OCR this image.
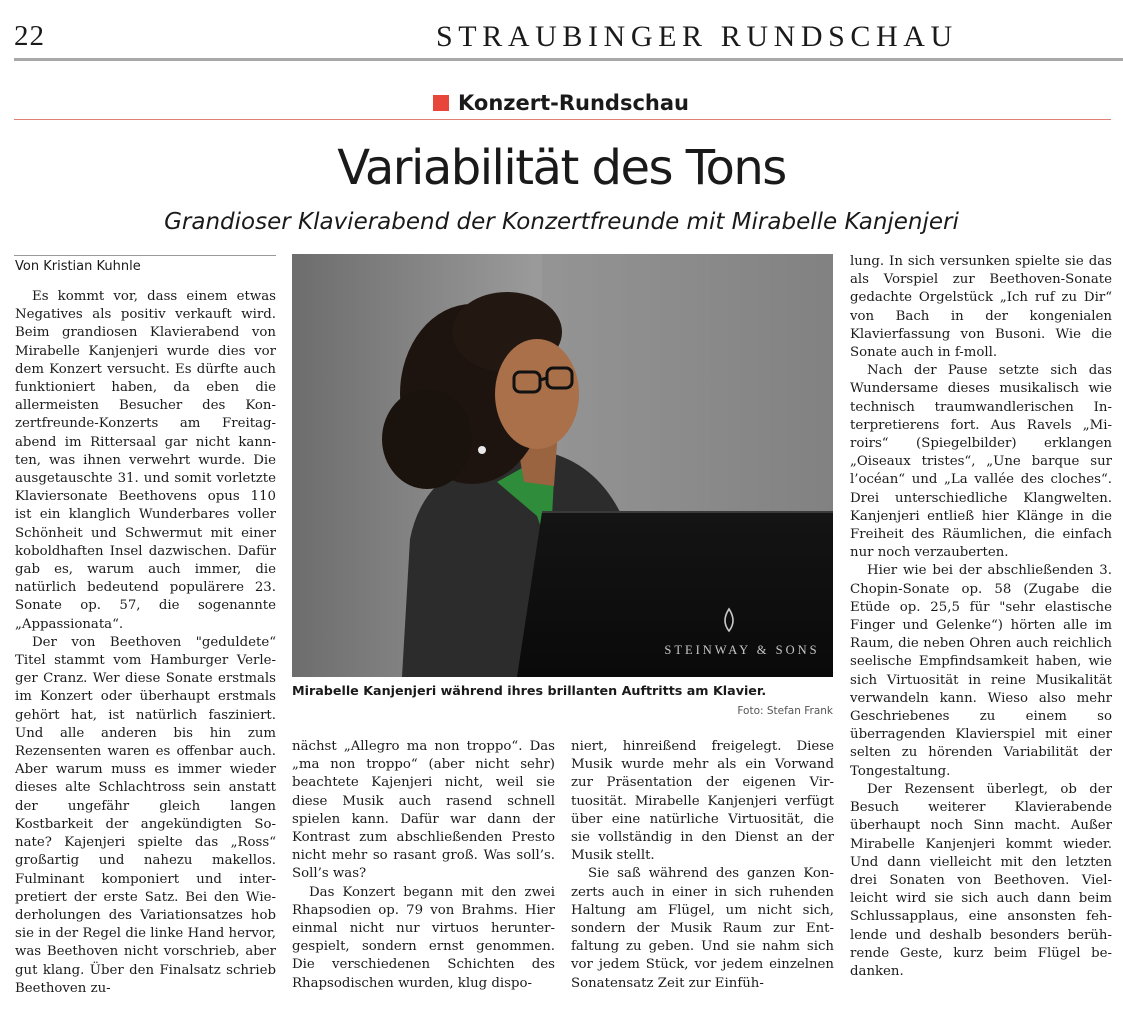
22	STRAUBINGER RUNDSCHAU
Konzert-Rundschau
Variabilität des Tons
Grandioser Klavierabend der Konzertfreunde mit Mirabelle Kanjenjeri
Von Kristian Kuhnle

Es kommt vor, dass einem etwas Negatives als positiv verkauft wird. Beim grandiosen Klavierabend von Mirabelle Kanjenjeri wurde dies vor dem Konzert versucht. Es dürfte auch funktioniert haben, da eben die allermeisten Besucher des Konzertfreunde-Konzerts am Freitagabend im Rittersaal gar nicht kannten, was ihnen verwehrt wurde. Die ausgetauschte 31. und somit vorletzte Klaviersonate Beethovens opus 110 ist ein klanglich Wunderbares voller Schönheit und Schwermut mit einer koboldhaften Insel dazwischen. Dafür gab es, warum auch immer, die natürlich bedeutend populärere 23. Sonate op. 57, die sogenannte „Appassionata“.

Der von Beethoven "geduldete“ Titel stammt vom Hamburger Verleger Cranz. Wer diese Sonate erstmals im Konzert oder überhaupt erstmals gehört hat, ist natürlich fasziniert. Und alle anderen bis hin zum Rezensenten waren es offenbar auch. Aber warum muss es immer wieder dieses alte Schlachtross sein anstatt der ungefähr gleich langen Kostbarkeit der angekündigten Sonate? Kajenjeri spielte das „Ross“ großartig und nahezu makellos. Fulminant komponiert und interpretiert der erste Satz. Bei den Wiederholungen des Variationsatzes hob sie in der Regel die linke Hand hervor, was Beethoven nicht vorschrieb, aber gut klang. Über den Finalsatz schrieb Beethoven zu-

STEINWAY & SONS
Mirabelle Kanjenjeri während ihres brillanten Auftritts am Klavier.
Foto: Stefan Frank

nächst „Allegro ma non troppo“. Das „ma non troppo“ (aber nicht sehr) beachtete Kajenjeri nicht, weil sie diese Musik auch rasend schnell spielen kann. Dafür war dann der Kontrast zum abschließenden Presto nicht mehr so rasant groß. Was soll’s. Soll’s was?

Das Konzert begann mit den zwei Rhapsodien op. 79 von Brahms. Hier einmal nicht nur virtuos heruntergespielt, sondern ernst genommen. Die verschiedenen Schichten des Rhapsodischen wurden, klug dispo-

niert, hinreißend freigelegt. Diese Musik wurde mehr als ein Vorwand zur Präsentation der eigenen Virtuosität. Mirabelle Kanjenjeri verfügt über eine natürliche Virtuosität, die sie vollständig in den Dienst an der Musik stellt.

Sie saß während des ganzen Konzerts auch in einer in sich ruhenden Haltung am Flügel, um nicht sich, sondern der Musik Raum zur Entfaltung zu geben. Und sie nahm sich vor jedem Stück, vor jedem einzelnen Sonatensatz Zeit zur Einfüh-

lung. In sich versunken spielte sie das als Vorspiel zur Beethoven-Sonate gedachte Orgelstück „Ich ruf zu Dir“ von Bach in der kongenialen Klavierfassung von Busoni. Wie die Sonate auch in f-moll.

Nach der Pause setzte sich das Wundersame dieses musikalisch wie technisch traumwandlerischen Interpretierens fort. Aus Ravels „Miroirs“ (Spiegelbilder) erklangen „Oiseaux tristes“, „Une barque sur l’océan“ und „La vallée des cloches“. Drei unterschiedliche Klangwelten. Kanjenjeri entließ hier Klänge in die Freiheit des Räumlichen, die einfach nur noch verzauberten.

Hier wie bei der abschließenden 3. Chopin-Sonate op. 58 (Zugabe die Etüde op. 25,5 für "sehr elastische Finger und Gelenke“) hörten alle im Raum, die neben Ohren auch reichlich seelische Empfindsamkeit haben, wie sich Virtuosität in reine Musikalität verwandeln kann. Wieso also mehr Geschriebenes zu einem so überragenden Klavierspiel mit einer selten zu hörenden Variabilität der Tongestaltung.

Der Rezensent überlegt, ob der Besuch weiterer Klavierabende überhaupt noch Sinn macht. Außer Mirabelle Kanjenjeri kommt wieder. Und dann vielleicht mit den letzten drei Sonaten von Beethoven. Vielleicht wird sie sich auch dann beim Schlussapplaus, eine ansonsten fehlende und deshalb besonders berührende Geste, kurz beim Flügel bedanken.
